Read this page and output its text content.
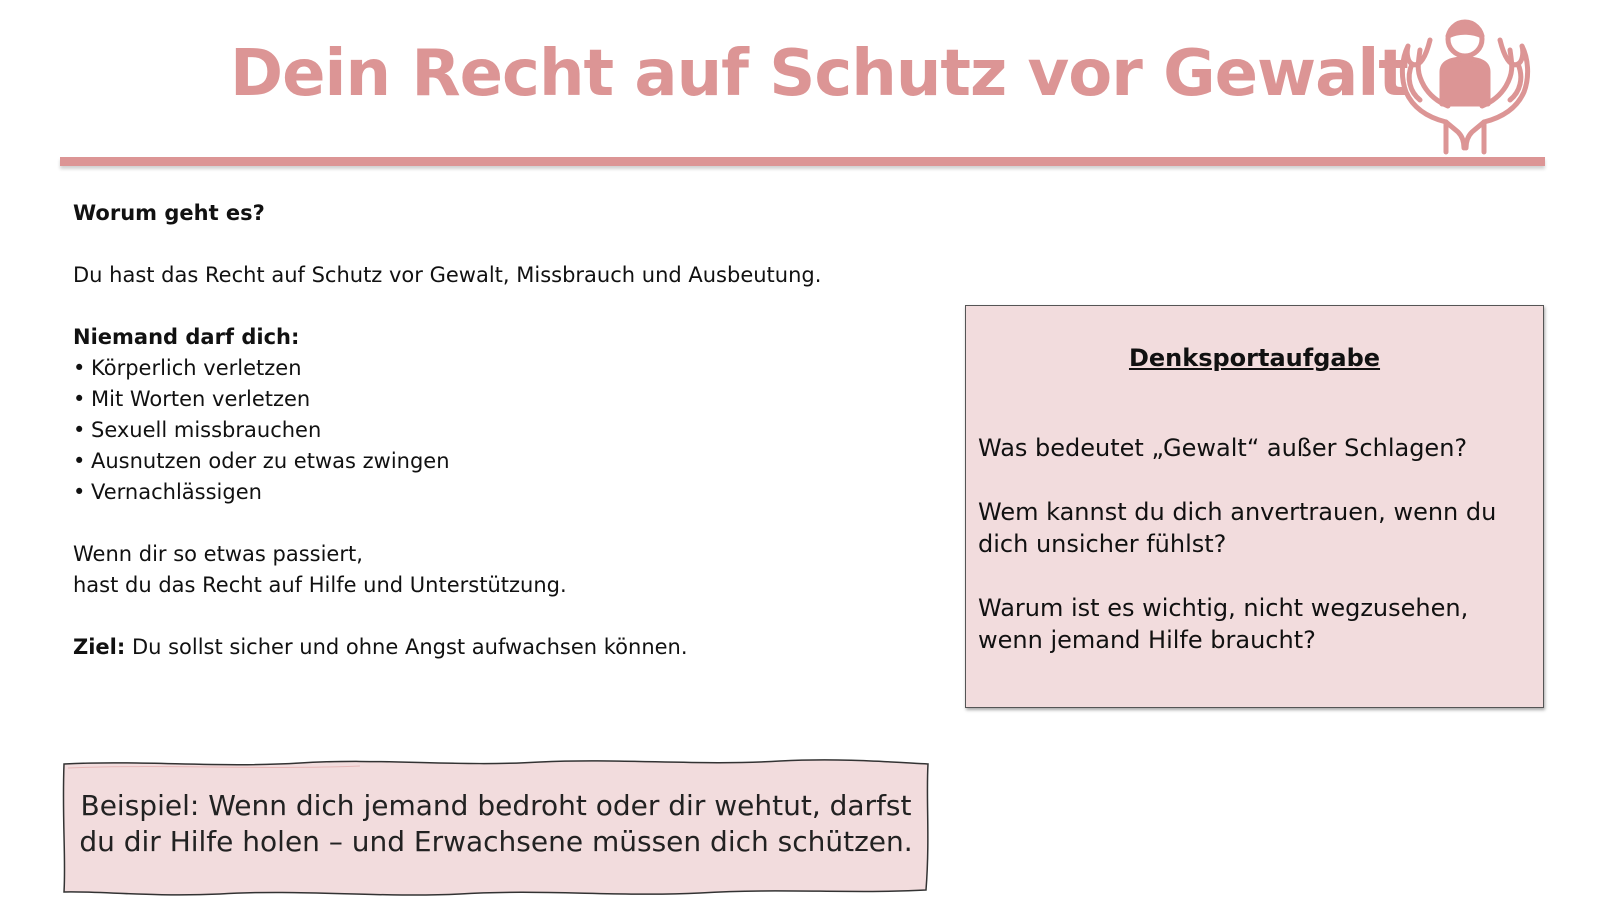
Dein Recht auf Schutz vor Gewalt

Worum geht es?

Du hast das Recht auf Schutz vor Gewalt, Missbrauch und Ausbeutung.

Niemand darf dich:

• Körperlich verletzen
• Mit Worten verletzen
• Sexuell missbrauchen
• Ausnutzen oder zu etwas zwingen
• Vernachlässigen

Wenn dir so etwas passiert,

hast du das Recht auf Hilfe und Unterstützung.

Ziel: Du sollst sicher und ohne Angst aufwachsen können.

Denksportaufgabe

Was bedeutet „Gewalt“ außer Schlagen?

Wem kannst du dich anvertrauen, wenn du dich unsicher fühlst?

Warum ist es wichtig, nicht wegzusehen, wenn jemand Hilfe braucht?

Beispiel: Wenn dich jemand bedroht oder dir wehtut, darfst
du dir Hilfe holen – und Erwachsene müssen dich schützen.
